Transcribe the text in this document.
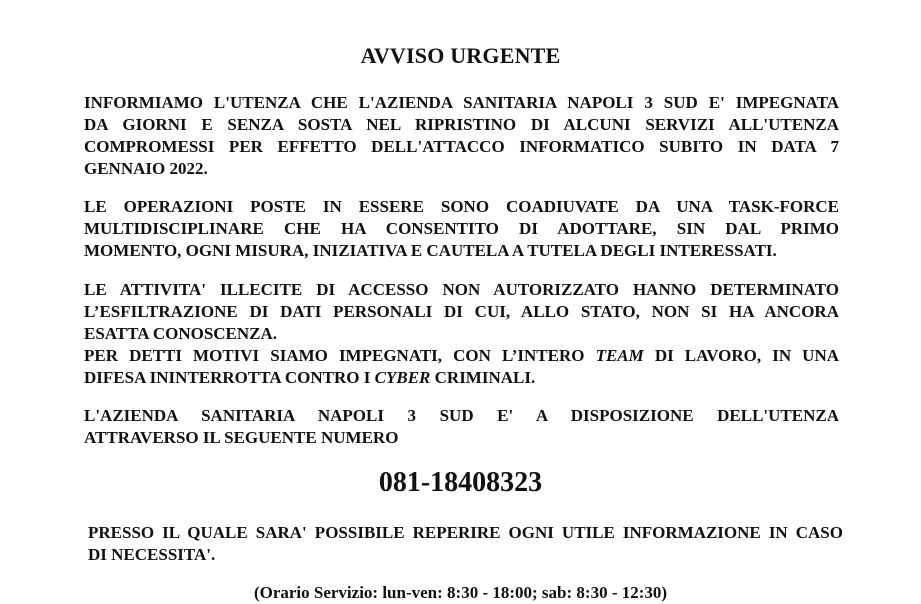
AVVISO URGENTE
INFORMIAMO L'UTENZA CHE L'AZIENDA SANITARIA NAPOLI 3 SUD E' IMPEGNATA
DA GIORNI E SENZA SOSTA NEL RIPRISTINO DI ALCUNI SERVIZI ALL'UTENZA
COMPROMESSI PER EFFETTO DELL'ATTACCO INFORMATICO SUBITO IN DATA 7
GENNAIO 2022.
LE OPERAZIONI POSTE IN ESSERE SONO COADIUVATE DA UNA TASK-FORCE
MULTIDISCIPLINARE CHE HA CONSENTITO DI ADOTTARE, SIN DAL PRIMO
MOMENTO, OGNI MISURA, INIZIATIVA E CAUTELA A TUTELA DEGLI INTERESSATI.
LE ATTIVITA' ILLECITE DI ACCESSO NON AUTORIZZATO HANNO DETERMINATO
L’ESFILTRAZIONE DI DATI PERSONALI DI CUI, ALLO STATO, NON SI HA ANCORA
ESATTA CONOSCENZA.
PER DETTI MOTIVI SIAMO IMPEGNATI, CON L’INTERO TEAM DI LAVORO, IN UNA
DIFESA ININTERROTTA CONTRO I CYBER CRIMINALI.
L'AZIENDA SANITARIA NAPOLI 3 SUD E' A DISPOSIZIONE DELL'UTENZA
ATTRAVERSO IL SEGUENTE NUMERO
081-18408323
PRESSO IL QUALE SARA' POSSIBILE REPERIRE OGNI UTILE INFORMAZIONE IN CASO
DI NECESSITA'.
(Orario Servizio: lun-ven: 8:30 - 18:00; sab: 8:30 - 12:30)
